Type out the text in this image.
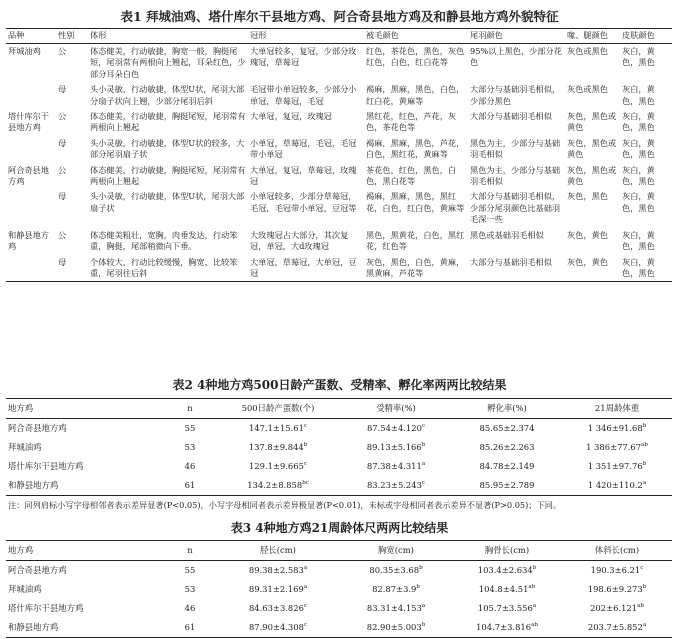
表1 拜城油鸡、塔什库尔干县地方鸡、阿合奇县地方鸡及和静县地方鸡外貌特征
品种	性别	体形	冠形	被毛颜色	尾羽颜色	喙、腿颜色	皮肤颜色
拜城油鸡	公	体态健美，行动敏捷，胸宽一般，胸挺尾短，尾羽常有两根向上翘起，耳朵红色，少部分耳朵白色	大单冠较多，复冠，少部分玫瑰冠，草莓冠	红色，茶花色，黑色，灰色红色，白色，红白花等	95%以上黑色，少部分花色	灰色或黑色	灰白，黄色，黑色
	母	头小灵敏，行动敏捷，体型U状，尾羽大部分扇子状向上翘，少部分尾羽后斜	毛冠带小单冠较多，少部分小单冠，草莓冠，毛冠	褐麻，黑麻，黑色，白色，红白花，黄麻等	大部分与基础羽毛相似，少部分黑色	灰色或黑色	灰白，黄色，黑色
塔什库尔干县地方鸡	公	体态健美，行动敏捷，胸挺尾短，尾羽常有两根向上翘起	大单冠，复冠，玫瑰冠	黑红花，红色，芦花，灰色，茶花色等	大部分与基础羽毛相似	灰色，黑色或黄色	灰白，黄色，黑色
	母	头小灵敏，行动敏捷，体型U状的较多，大部分尾羽扇子状	小单冠，草莓冠，毛冠，毛冠带小单冠	褐麻，黑麻，黑色，芦花，白色，黑红花，黄麻等	黑色为主，少部分与基础羽毛相似	灰色，黑色或黄色	灰白，黄色，黑色
阿合奇县地方鸡	公	体态健美，行动敏捷，胸挺尾短，尾羽常有两根向上翘起	大单冠，复冠，草莓冠，玫瑰冠	茶花色，红色，黑色，白色，黑白花等	黑色为主，少部分与基础羽毛相似	灰色，黑色或黄色	灰白，黄色，黑色
	母	头小灵敏，行动敏捷，体型U状，尾羽大部扇子状	小单冠较多，少部分草莓冠，毛冠，毛冠带小单冠，豆冠等	褐麻，黑麻，黑色，黑红花，白色，红白色，黄麻等	大部分与基础羽毛相似，少部分尾羽颜色比基础羽毛深一些	灰色，黑色	灰白，黄色，黑色
和静县地方鸡	公	体态健美粗壮，宽胸，肉垂发达，行动笨重，胸挺，尾部稍微向下垂。	大玫瑰冠占大部分，其次复冠，单冠，大d玫瑰冠	黑色，黑黄花，白色，黑红花，红色等	黑色或基础羽毛相似	灰色，黄色	灰白，黄色，黑色
	母	个体较大，行动比较缓慢，胸宽，比较笨重，尾羽往后斜	大单冠，草莓冠，大单冠，豆冠	灰色，黑色，白色，黄麻，黑黄麻，芦花等	大部分与基础羽毛相似	灰色，黄色	灰白，黄色，黑色
表2 4种地方鸡500日龄产蛋数、受精率、孵化率两两比较结果
地方鸡	n	500日龄产蛋数(个)	受精率(%)	孵化率(%)	21周龄体重
阿合奇县地方鸡	55	147.1±15.61$^c$	87.54±4.120$^c$	85.65±2.374	1 346±91.68$^b$
拜城油鸡	53	137.8±9.844$^b$	89.13±5.166$^b$	85.26±2.263	1 386±77.67$^{ab}$
塔什库尔干县地方鸡	46	129.1±9.665$^c$	87.38±4.311$^a$	84.78±2.149	1 351±97.76$^b$
和静县地方鸡	61	134.2±8.858$^{bc}$	83.23±5.243$^c$	85.95±2.789	1 420±110.2$^a$
注：同列肩标小写字母相邻者表示差异显著(P<0.05)，小写字母相同者表示差异极显著(P<0.01)，未标或字母相同者表示差异不显著(P>0.05)；下同。
表3 4种地方鸡21周龄体尺两两比较结果
地方鸡	n	胫长(cm)	胸宽(cm)	胸骨长(cm)	体斜长(cm)
阿合奇县地方鸡	55	89.38±2.583$^a$	80.35±3.68$^b$	103.4±2.634$^b$	190.3±6.21$^c$
拜城油鸡	53	89.31±2.169$^a$	82.87±3.9$^b$	104.8±4.51$^{ab}$	198.6±9.273$^b$
塔什库尔干县地方鸡	46	84.63±3.826$^c$	83.31±4.153$^a$	105.7±3.556$^a$	202±6.121$^{ab}$
和静县地方鸡	61	87.90±4.308$^c$	82.90±5.003$^b$	104.7±3.816$^{ab}$	203.7±5.852$^a$
